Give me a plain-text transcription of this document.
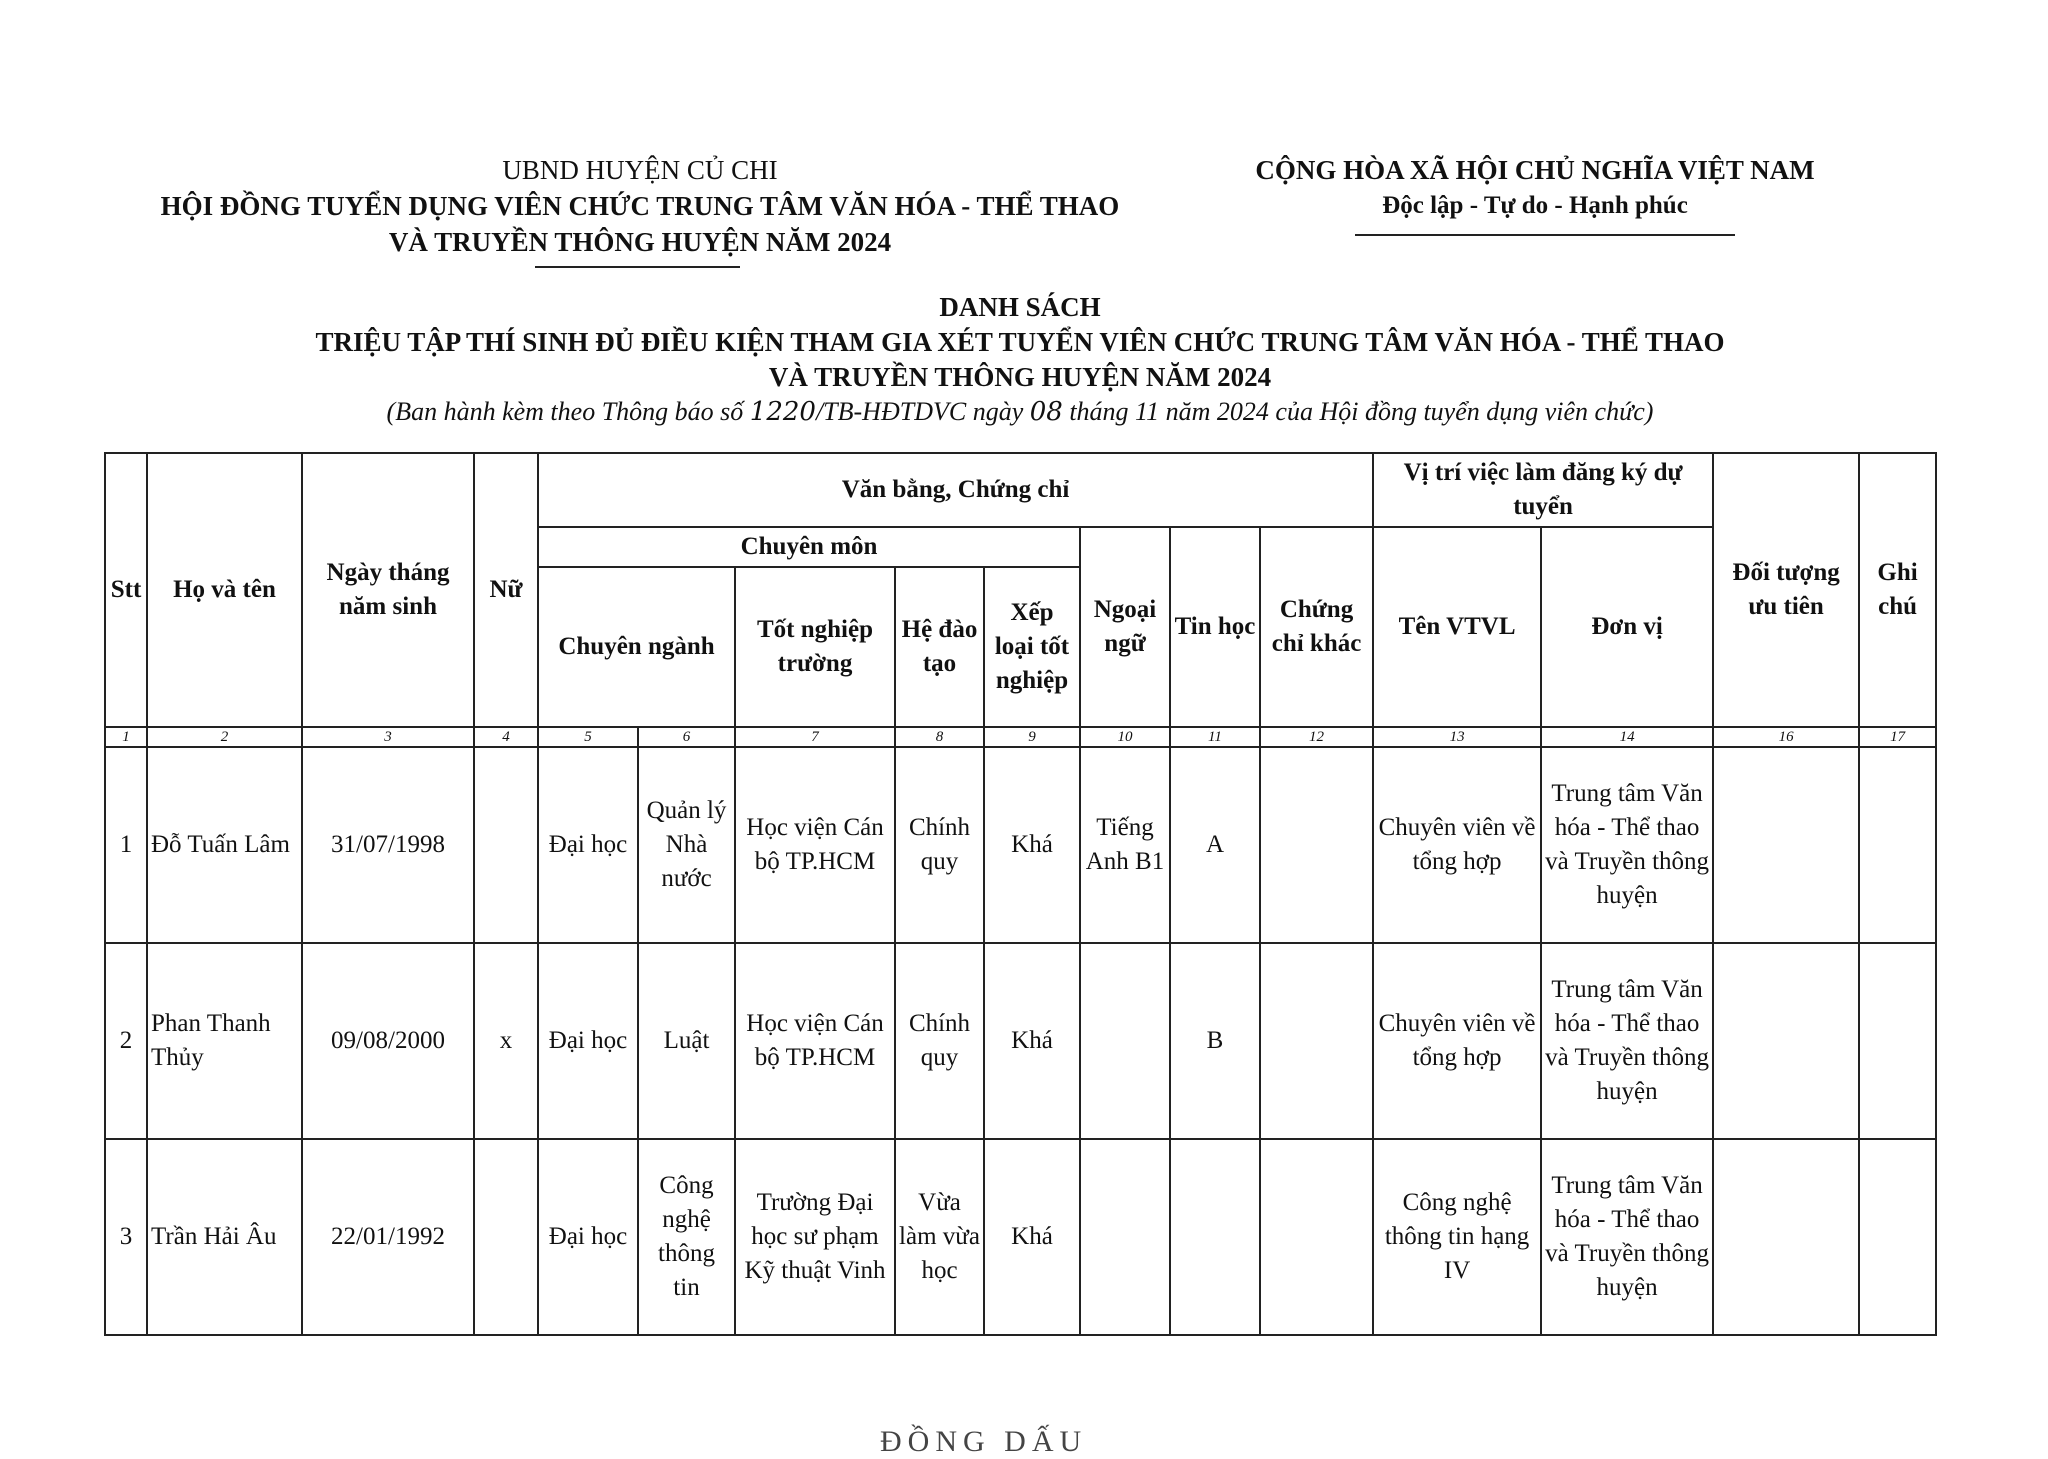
UBND HUYỆN CỦ CHI
HỘI ĐỒNG TUYỂN DỤNG VIÊN CHỨC TRUNG TÂM VĂN HÓA - THỂ THAO
VÀ TRUYỀN THÔNG HUYỆN NĂM 2024
CỘNG HÒA XÃ HỘI CHỦ NGHĨA VIỆT NAM
Độc lập - Tự do - Hạnh phúc
DANH SÁCH
TRIỆU TẬP THÍ SINH ĐỦ ĐIỀU KIỆN THAM GIA XÉT TUYỂN VIÊN CHỨC TRUNG TÂM VĂN HÓA - THỂ THAO
VÀ TRUYỀN THÔNG HUYỆN NĂM 2024
(Ban hành kèm theo Thông báo số 1220/TB-HĐTDVC ngày 08 tháng 11 năm 2024 của Hội đồng tuyển dụng viên chức)
Stt	Họ và tên	Ngày tháng năm sinh	Nữ	Văn bằng, Chứng chỉ								Vị trí việc làm đăng ký dự tuyển		Đối tượng ưu tiên	Ghi chú
				Chuyên môn					Ngoại ngữ	Tin học	Chứng chỉ khác	Tên VTVL	Đơn vị		
				Chuyên ngành		Tốt nghiệp trường	Hệ đào tạo	Xếp loại tốt nghiệp							
1	2	3	4	5	6	7	8	9	10	11	12	13	14	16	17
1	Đỗ Tuấn Lâm	31/07/1998		Đại học	Quản lý Nhà nước	Học viện Cán bộ TP.HCM	Chính quy	Khá	Tiếng Anh B1	A		Chuyên viên về tổng hợp	Trung tâm Văn hóa - Thể thao và Truyền thông huyện		
2	Phan Thanh Thủy	09/08/2000	x	Đại học	Luật	Học viện Cán bộ TP.HCM	Chính quy	Khá		B		Chuyên viên về tổng hợp	Trung tâm Văn hóa - Thể thao và Truyền thông huyện		
3	Trần Hải Âu	22/01/1992		Đại học	Công nghệ thông tin	Trường Đại học sư phạm Kỹ thuật Vinh	Vừa làm vừa học	Khá				Công nghệ thông tin hạng IV	Trung tâm Văn hóa - Thể thao và Truyền thông huyện		
ĐỒNG DẤU
